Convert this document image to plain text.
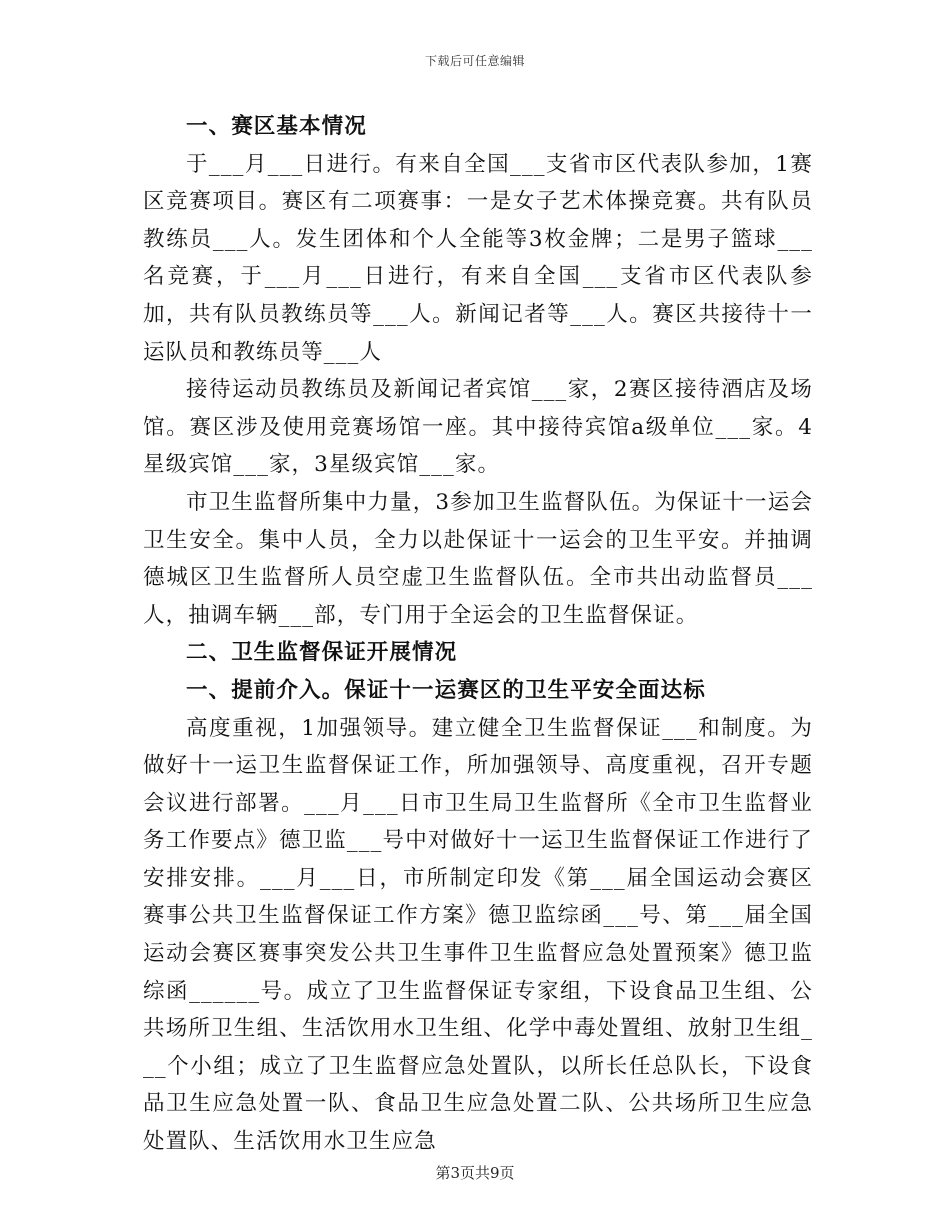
下载后可任意编辑

一、赛区基本情况

于___月___日进行。有来自全国___支省市区代表队参加，1赛区竞赛项目。赛区有二项赛事：一是女子艺术体操竞赛。共有队员教练员___人。发生团体和个人全能等3枚金牌；二是男子篮球___名竞赛，于___月___日进行，有来自全国___支省市区代表队参加，共有队员教练员等___人。新闻记者等___人。赛区共接待十一运队员和教练员等___人

接待运动员教练员及新闻记者宾馆___家，2赛区接待酒店及场馆。赛区涉及使用竞赛场馆一座。其中接待宾馆a级单位___家。4星级宾馆___家，3星级宾馆___家。

市卫生监督所集中力量，3参加卫生监督队伍。为保证十一运会卫生安全。集中人员，全力以赴保证十一运会的卫生平安。并抽调德城区卫生监督所人员空虚卫生监督队伍。全市共出动监督员___人，抽调车辆___部，专门用于全运会的卫生监督保证。

二、卫生监督保证开展情况

一、提前介入。保证十一运赛区的卫生平安全面达标

高度重视，1加强领导。建立健全卫生监督保证___和制度。为做好十一运卫生监督保证工作，所加强领导、高度重视，召开专题会议进行部署。___月___日市卫生局卫生监督所《全市卫生监督业务工作要点》德卫监___号中对做好十一运卫生监督保证工作进行了安排安排。___月___日，市所制定印发《第___届全国运动会赛区赛事公共卫生监督保证工作方案》德卫监综函___号、第___届全国运动会赛区赛事突发公共卫生事件卫生监督应急处置预案》德卫监综函______号。成立了卫生监督保证专家组，下设食品卫生组、公共场所卫生组、生活饮用水卫生组、化学中毒处置组、放射卫生组___个小组；成立了卫生监督应急处置队，以所长任总队长，下设食品卫生应急处置一队、食品卫生应急处置二队、公共场所卫生应急处置队、生活饮用水卫生应急

第3页共9页
